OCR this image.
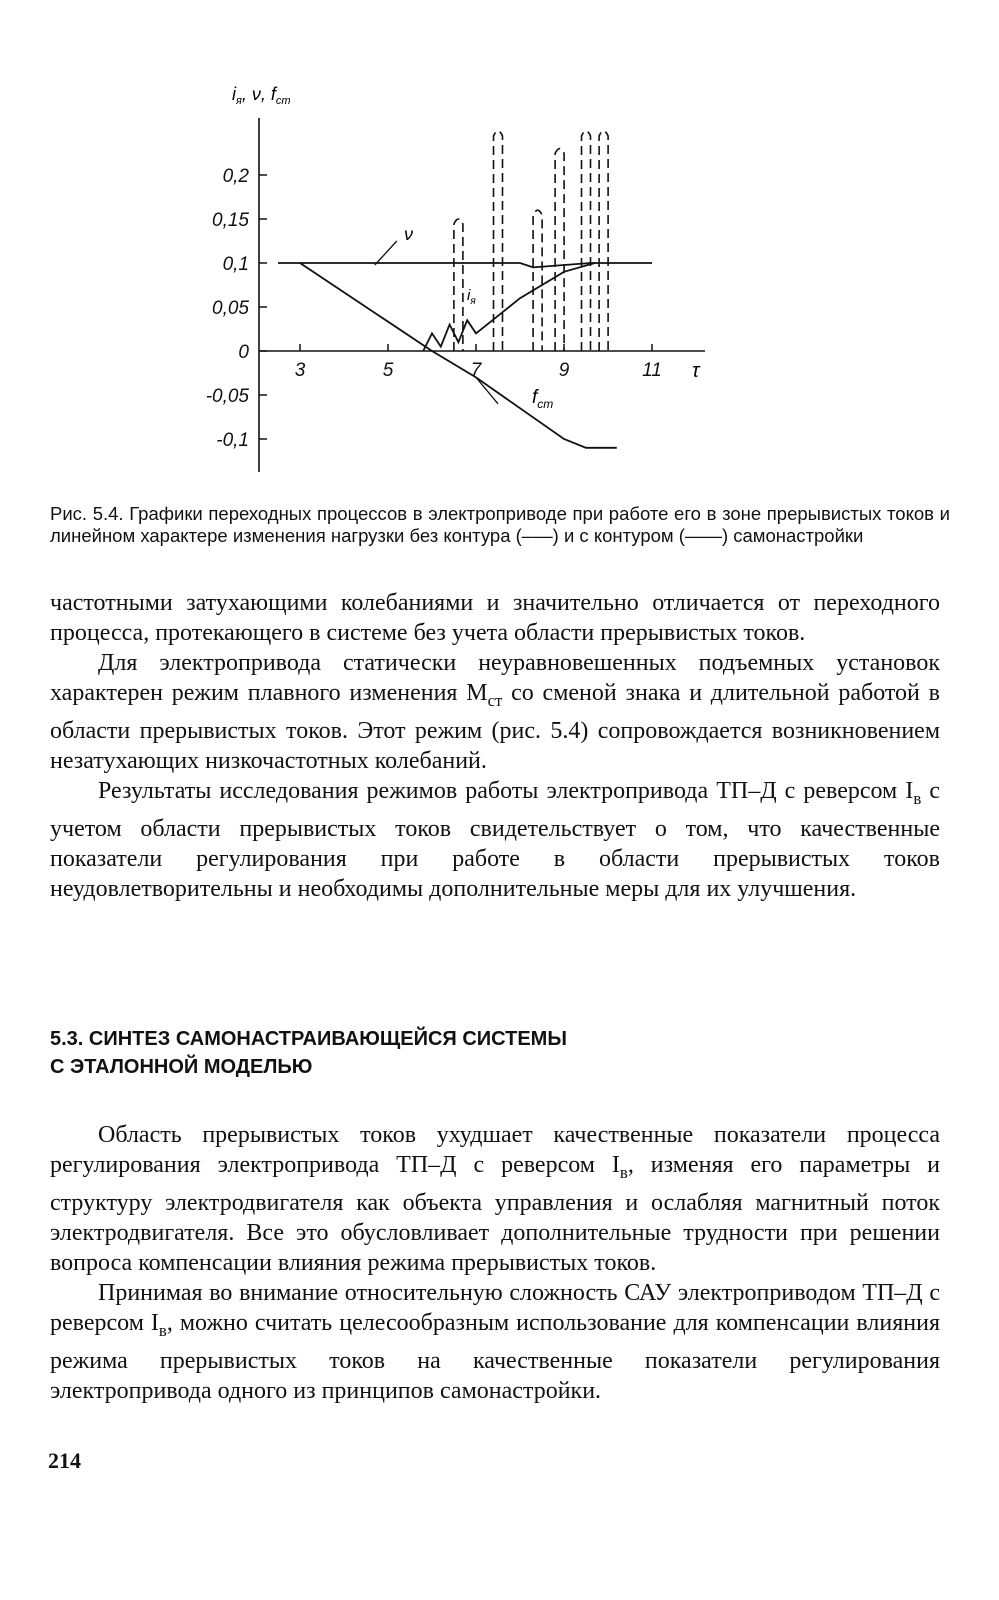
0,2
0,15
0,1
0,05
0
-0,05
-0,1
3	5	7	9	11
$i_я$, ν, $f_{ст}$
τ
ν
$i_я$
$f_{ст}$
Рис. 5.4. Графики переходных процессов в электроприводе при работе его в зоне прерывистых токов и линейном характере изменения нагрузки без контура (–––) и с контуром (——) самонастройки

частотными затухающими колебаниями и значительно отличается от переходного процесса, протекающего в системе без учета области прерывистых токов.

Для электропривода статически неуравновешенных подъемных установок характерен режим плавного изменения $M_{ст}$ со сменой знака и длительной работой в области прерывистых токов. Этот режим (рис. 5.4) сопровождается возникновением незатухающих низкочастотных колебаний.

Результаты исследования режимов работы электропривода ТП–Д с реверсом $I_в$ с учетом области прерывистых токов свидетельствует о том, что качественные показатели регулирования при работе в области прерывистых токов неудовлетворительны и необходимы дополнительные меры для их улучшения.

5.3. СИНТЕЗ САМОНАСТРАИВАЮЩЕЙСЯ СИСТЕМЫ
С ЭТАЛОННОЙ МОДЕЛЬЮ

Область прерывистых токов ухудшает качественные показатели процесса регулирования электропривода ТП–Д с реверсом $I_в$, изменяя его параметры и структуру электродвигателя как объекта управления и ослабляя магнитный поток электродвигателя. Все это обусловливает дополнительные трудности при решении вопроса компенсации влияния режима прерывистых токов.

Принимая во внимание относительную сложность САУ электроприводом ТП–Д с реверсом $I_в$, можно считать целесообразным использование для компенсации влияния режима прерывистых токов на качественные показатели регулирования электропривода одного из принципов самонастройки.

214
